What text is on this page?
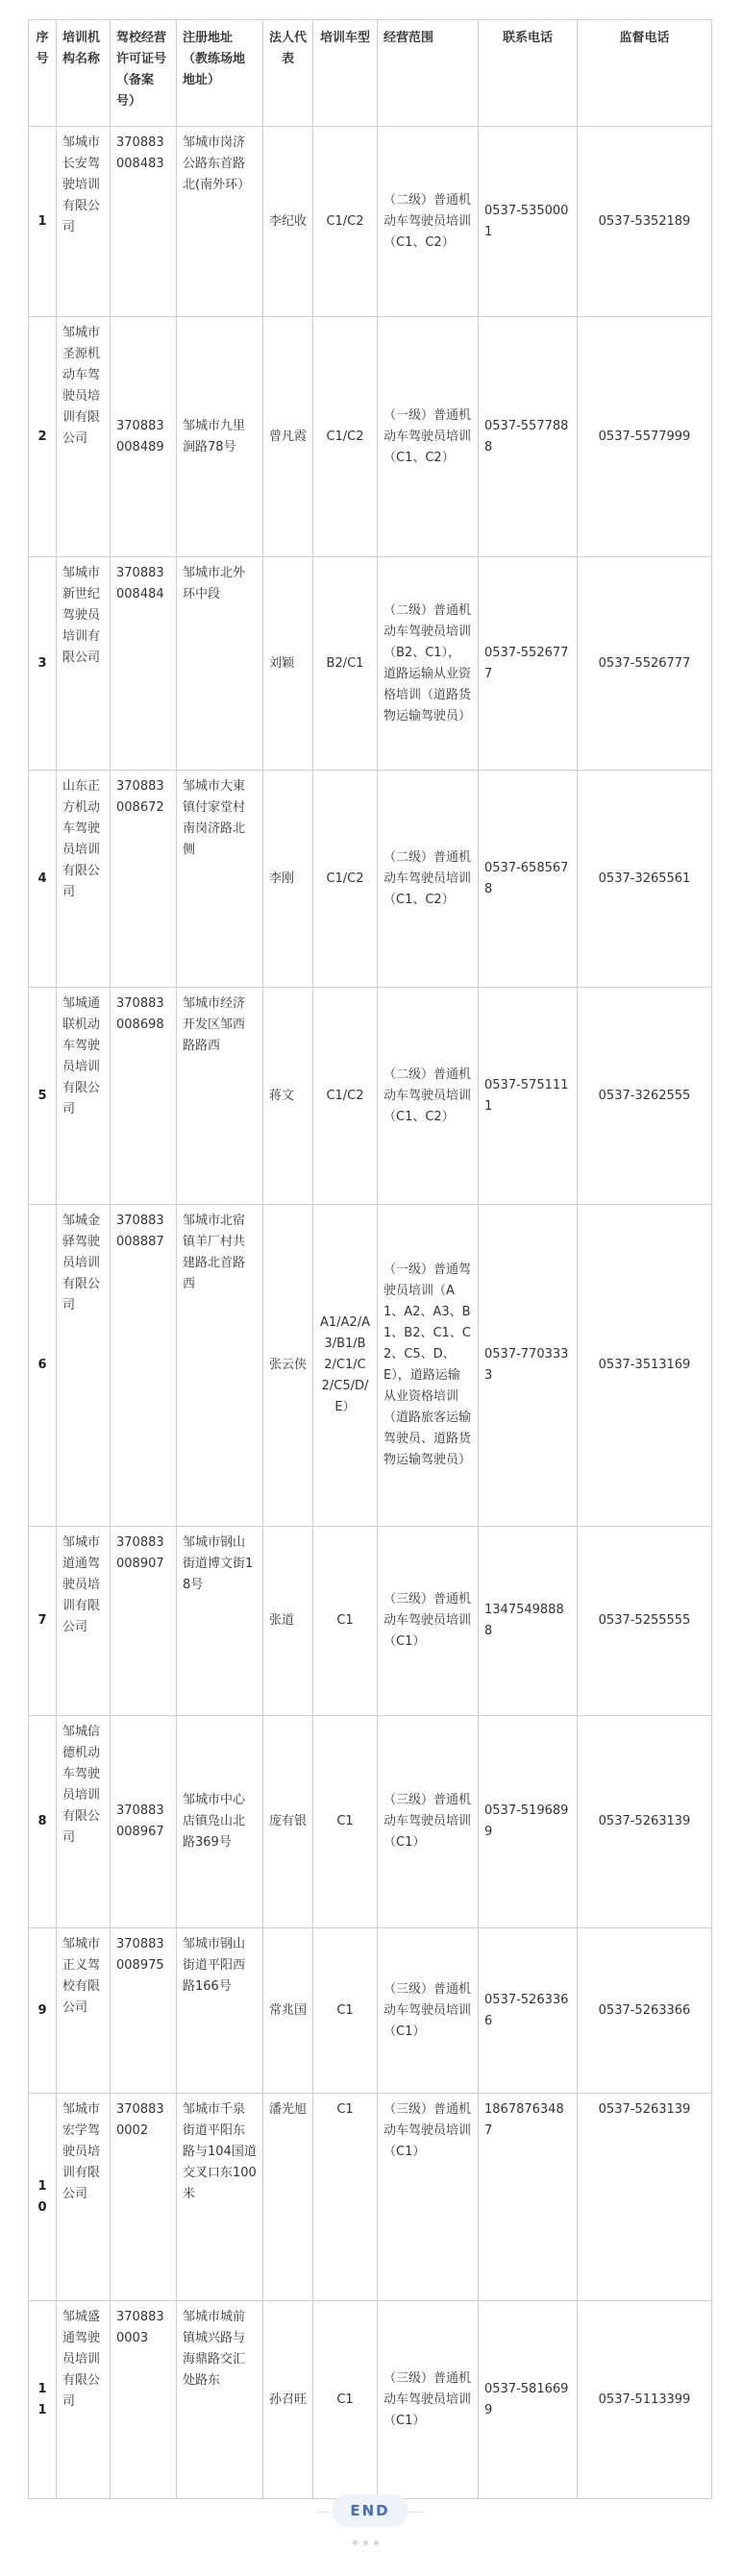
序号	培训机构名称	驾校经营许可证号（备案号）	注册地址（教练场地地址）	法人代表	培训车型	经营范围	联系电话	监督电话
1	邹城市长安驾驶培训有限公司	370883008483	邹城市岗济公路东首路北(南外环）	李纪收	C1/C2	（二级）普通机动车驾驶员培训（C1、C2）	0537-5350001	0537-5352189
2	邹城市圣源机动车驾驶员培训有限公司	370883008489	邹城市九里涧路78号	曾凡霞	C1/C2	（一级）普通机动车驾驶员培训（C1、C2）	0537-5577888	0537-5577999
3	邹城市新世纪驾驶员培训有限公司	370883008484	邹城市北外环中段	刘颖	B2/C1	（二级）普通机动车驾驶员培训（B2、C1），道路运输从业资格培训（道路货物运输驾驶员）	0537-5526777	0537-5526777
4	山东正方机动车驾驶员培训有限公司	370883008672	邹城市大東镇付家堂村南岗济路北侧	李刚	C1/C2	（二级）普通机动车驾驶员培训（C1、C2）	0537-6585678	0537-3265561
5	邹城通联机动车驾驶员培训有限公司	370883008698	邹城市经济开发区邹西路路西	蒋文	C1/C2	（二级）普通机动车驾驶员培训（C1、C2）	0537-5751111	0537-3262555
6	邹城金驿驾驶员培训有限公司	370883008887	邹城市北宿镇羊厂村共建路北首路西	张云侠	A1/A2/A3/B1/B2/C1/C2/C5/D/E）	（一级）普通驾驶员培训（A1、A2、A3、B1、B2、C1、C2、C5、D、E），道路运输从业资格培训（道路旅客运输驾驶员、道路货物运输驾驶员）	0537-7703333	0537-3513169
7	邹城市道通驾驶员培训有限公司	370883008907	邹城市钢山街道博文街18号	张道	C1	（三级）普通机动车驾驶员培训（C1）	13475498888	0537-5255555
8	邹城信德机动车驾驶员培训有限公司	370883008967	邹城市中心店镇凫山北路369号	庞有银	C1	（三级）普通机动车驾驶员培训（C1）	0537-5196899	0537-5263139
9	邹城市正义驾校有限公司	370883008975	邹城市钢山街道平阳西路166号	常兆国	C1	（三级）普通机动车驾驶员培训（C1）	0537-5263366	0537-5263366
10	邹城市宏学驾驶员培训有限公司	3708830002	邹城市千泉街道平阳东路与104国道交叉口东100米	潘光旭	C1	（三级）普通机动车驾驶员培训（C1）	18678763487	0537-5263139
11	邹城盛通驾驶员培训有限公司	3708830003	邹城市城前镇城兴路与海鼎路交汇处路东	孙召旺	C1	（三级）普通机动车驾驶员培训（C1）	0537-5816699	0537-5113399
END
